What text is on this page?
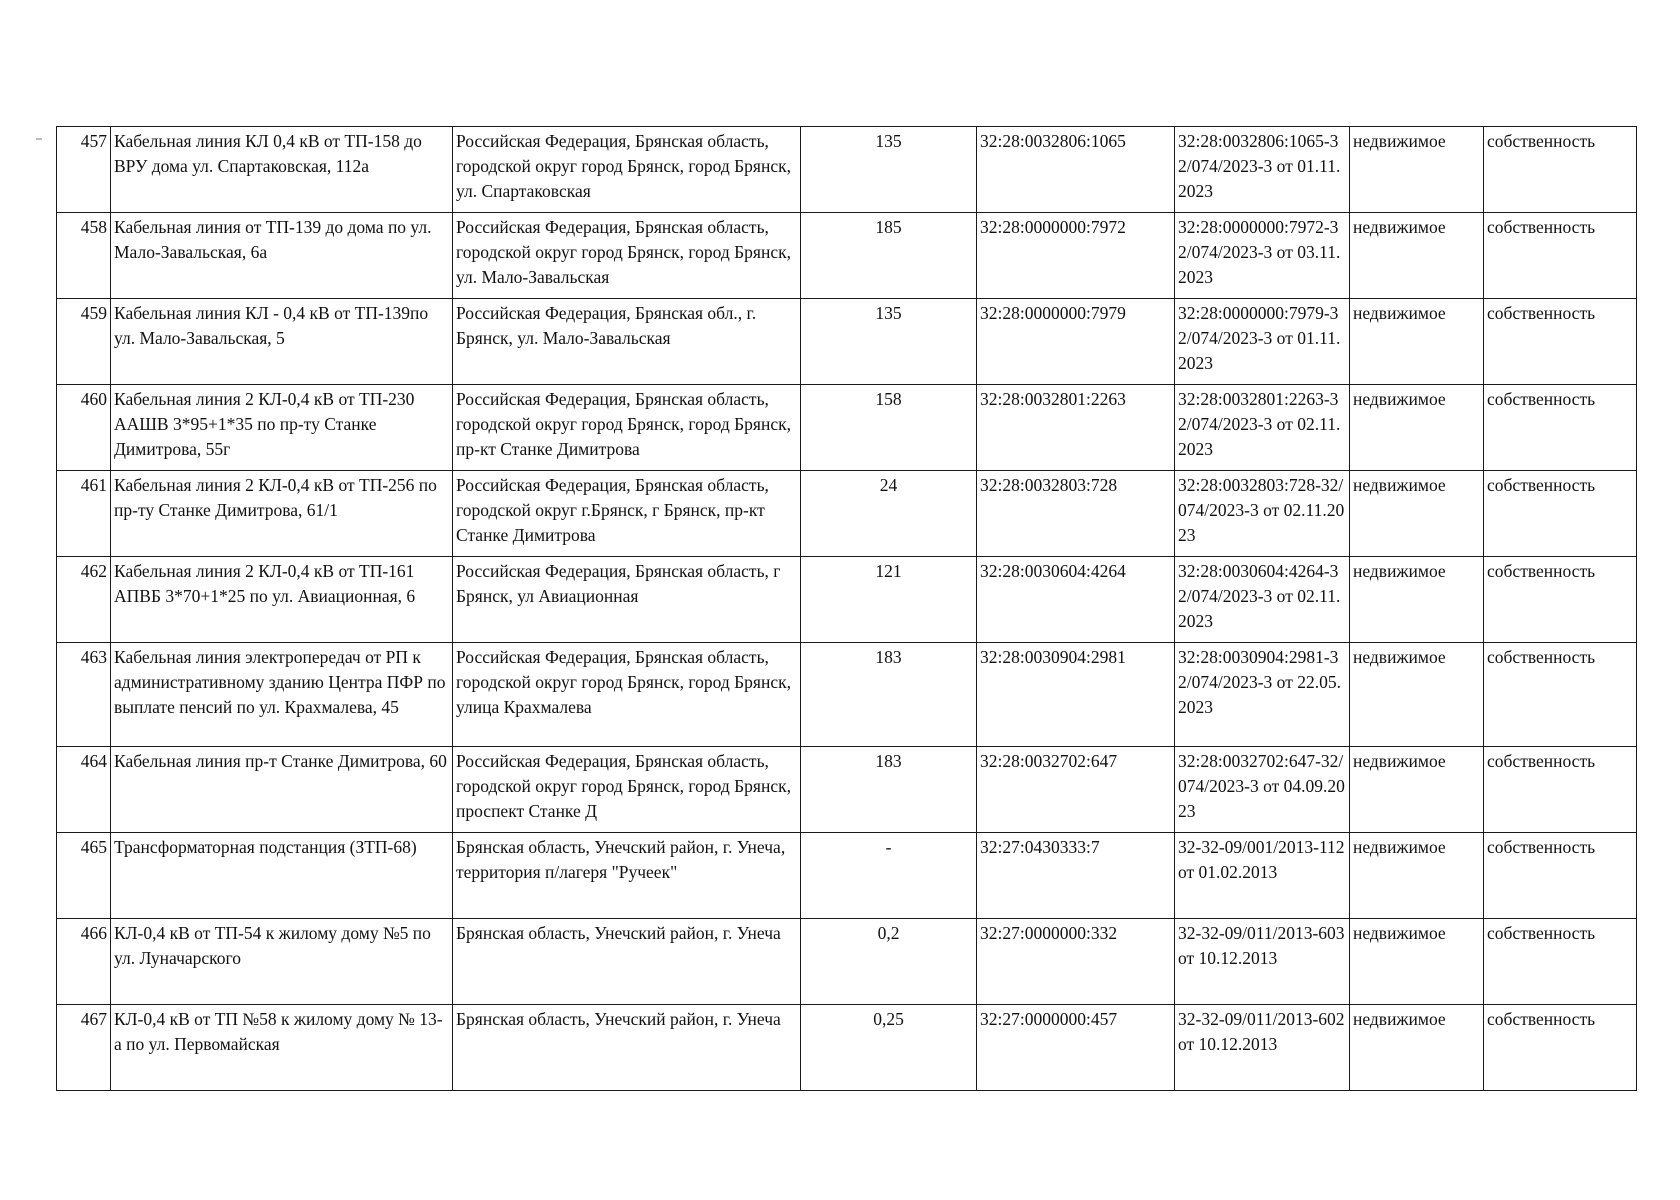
457	Кабельная линия КЛ 0,4 кВ от ТП-158 до ВРУ дома ул. Спартаковская, 112а	Российская Федерация, Брянская область, городской округ город Брянск, город Брянск, ул. Спартаковская	135	32:28:0032806:1065	32:28:0032806:1065-32/074/2023-3 от 01.11.2023	недвижимое	собственность
458	Кабельная линия от ТП-139 до дома по ул. Мало-Завальская, 6а	Российская Федерация, Брянская область, городской округ город Брянск, город Брянск, ул. Мало-Завальская	185	32:28:0000000:7972	32:28:0000000:7972-32/074/2023-3 от 03.11.2023	недвижимое	собственность
459	Кабельная линия КЛ - 0,4 кВ от ТП-139по ул. Мало-Завальская, 5	Российская Федерация, Брянская обл., г. Брянск, ул. Мало-Завальская	135	32:28:0000000:7979	32:28:0000000:7979-32/074/2023-3 от 01.11.2023	недвижимое	собственность
460	Кабельная линия 2 КЛ-0,4 кВ от ТП-230 ААШВ 3*95+1*35 по пр-ту Станке Димитрова, 55г	Российская Федерация, Брянская область, городской округ город Брянск, город Брянск, пр-кт Станке Димитрова	158	32:28:0032801:2263	32:28:0032801:2263-32/074/2023-3 от 02.11.2023	недвижимое	собственность
461	Кабельная линия 2 КЛ-0,4 кВ от ТП-256 по пр-ту Станке Димитрова, 61/1	Российская Федерация, Брянская область, городской округ г.Брянск, г Брянск, пр-кт Станке Димитрова	24	32:28:0032803:728	32:28:0032803:728-32/074/2023-3 от 02.11.2023	недвижимое	собственность
462	Кабельная линия 2 КЛ-0,4 кВ от ТП-161 АПВБ 3*70+1*25 по ул. Авиационная, 6	Российская Федерация, Брянская область, г Брянск, ул Авиационная	121	32:28:0030604:4264	32:28:0030604:4264-32/074/2023-3 от 02.11.2023	недвижимое	собственность
463	Кабельная линия электропередач от РП к административному зданию Центра ПФР по выплате пенсий по ул. Крахмалева, 45	Российская Федерация, Брянская область, городской округ город Брянск, город Брянск, улица Крахмалева	183	32:28:0030904:2981	32:28:0030904:2981-32/074/2023-3 от 22.05.2023	недвижимое	собственность
464	Кабельная линия пр-т Станке Димитрова, 60	Российская Федерация, Брянская область, городской округ город Брянск, город Брянск, проспект Станке Д	183	32:28:0032702:647	32:28:0032702:647-32/074/2023-3 от 04.09.2023	недвижимое	собственность
465	Трансформаторная подстанция (ЗТП-68)	Брянская область, Унечский район, г. Унеча, территория п/лагеря "Ручеек"	-	32:27:0430333:7	32-32-09/001/2013-112 от 01.02.2013	недвижимое	собственность
466	КЛ-0,4 кВ от ТП-54 к жилому дому №5 по ул. Луначарского	Брянская область, Унечский район, г. Унеча	0,2	32:27:0000000:332	32-32-09/011/2013-603 от 10.12.2013	недвижимое	собственность
467	КЛ-0,4 кВ от ТП №58 к жилому дому № 13-а по ул. Первомайская	Брянская область, Унечский район, г. Унеча	0,25	32:27:0000000:457	32-32-09/011/2013-602 от 10.12.2013	недвижимое	собственность
